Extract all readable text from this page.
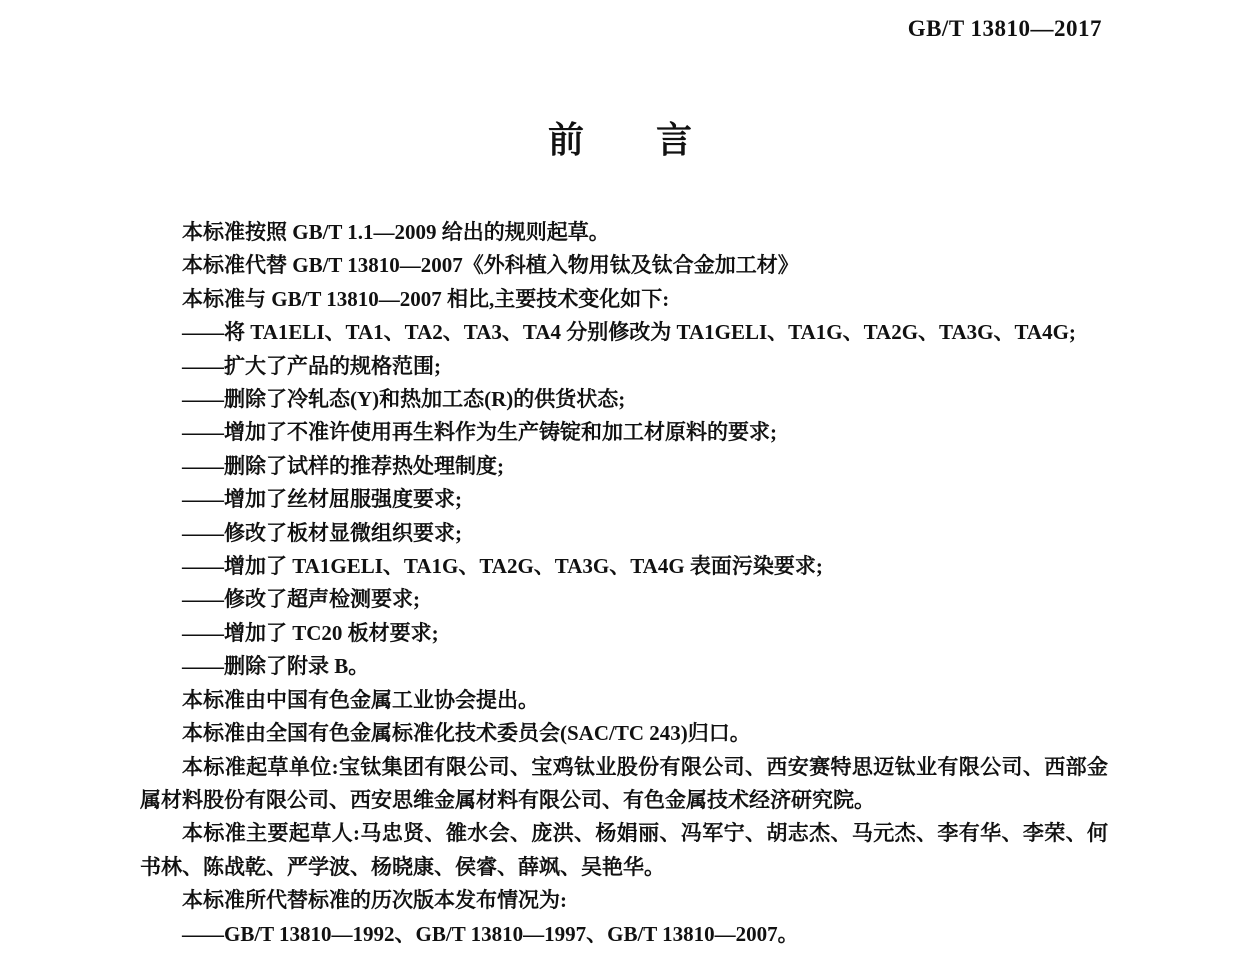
GB/T 13810—2017
前　　言

本标准按照 GB/T 1.1—2009 给出的规则起草。

本标准代替 GB/T 13810—2007《外科植入物用钛及钛合金加工材》

本标准与 GB/T 13810—2007 相比,主要技术变化如下:

——将 TA1ELI、TA1、TA2、TA3、TA4 分别修改为 TA1GELI、TA1G、TA2G、TA3G、TA4G;

——扩大了产品的规格范围;

——删除了冷轧态(Y)和热加工态(R)的供货状态;

——增加了不准许使用再生料作为生产铸锭和加工材原料的要求;

——删除了试样的推荐热处理制度;

——增加了丝材屈服强度要求;

——修改了板材显微组织要求;

——增加了 TA1GELI、TA1G、TA2G、TA3G、TA4G 表面污染要求;

——修改了超声检测要求;

——增加了 TC20 板材要求;

——删除了附录 B。

本标准由中国有色金属工业协会提出。

本标准由全国有色金属标准化技术委员会(SAC/TC 243)归口。

本标准起草单位:宝钛集团有限公司、宝鸡钛业股份有限公司、西安赛特思迈钛业有限公司、西部金属材料股份有限公司、西安思维金属材料有限公司、有色金属技术经济研究院。

本标准主要起草人:马忠贤、雒水会、庞洪、杨娟丽、冯军宁、胡志杰、马元杰、李有华、李荣、何书林、陈战乾、严学波、杨晓康、侯睿、薛飒、吴艳华。

本标准所代替标准的历次版本发布情况为:

——GB/T 13810—1992、GB/T 13810—1997、GB/T 13810—2007。
